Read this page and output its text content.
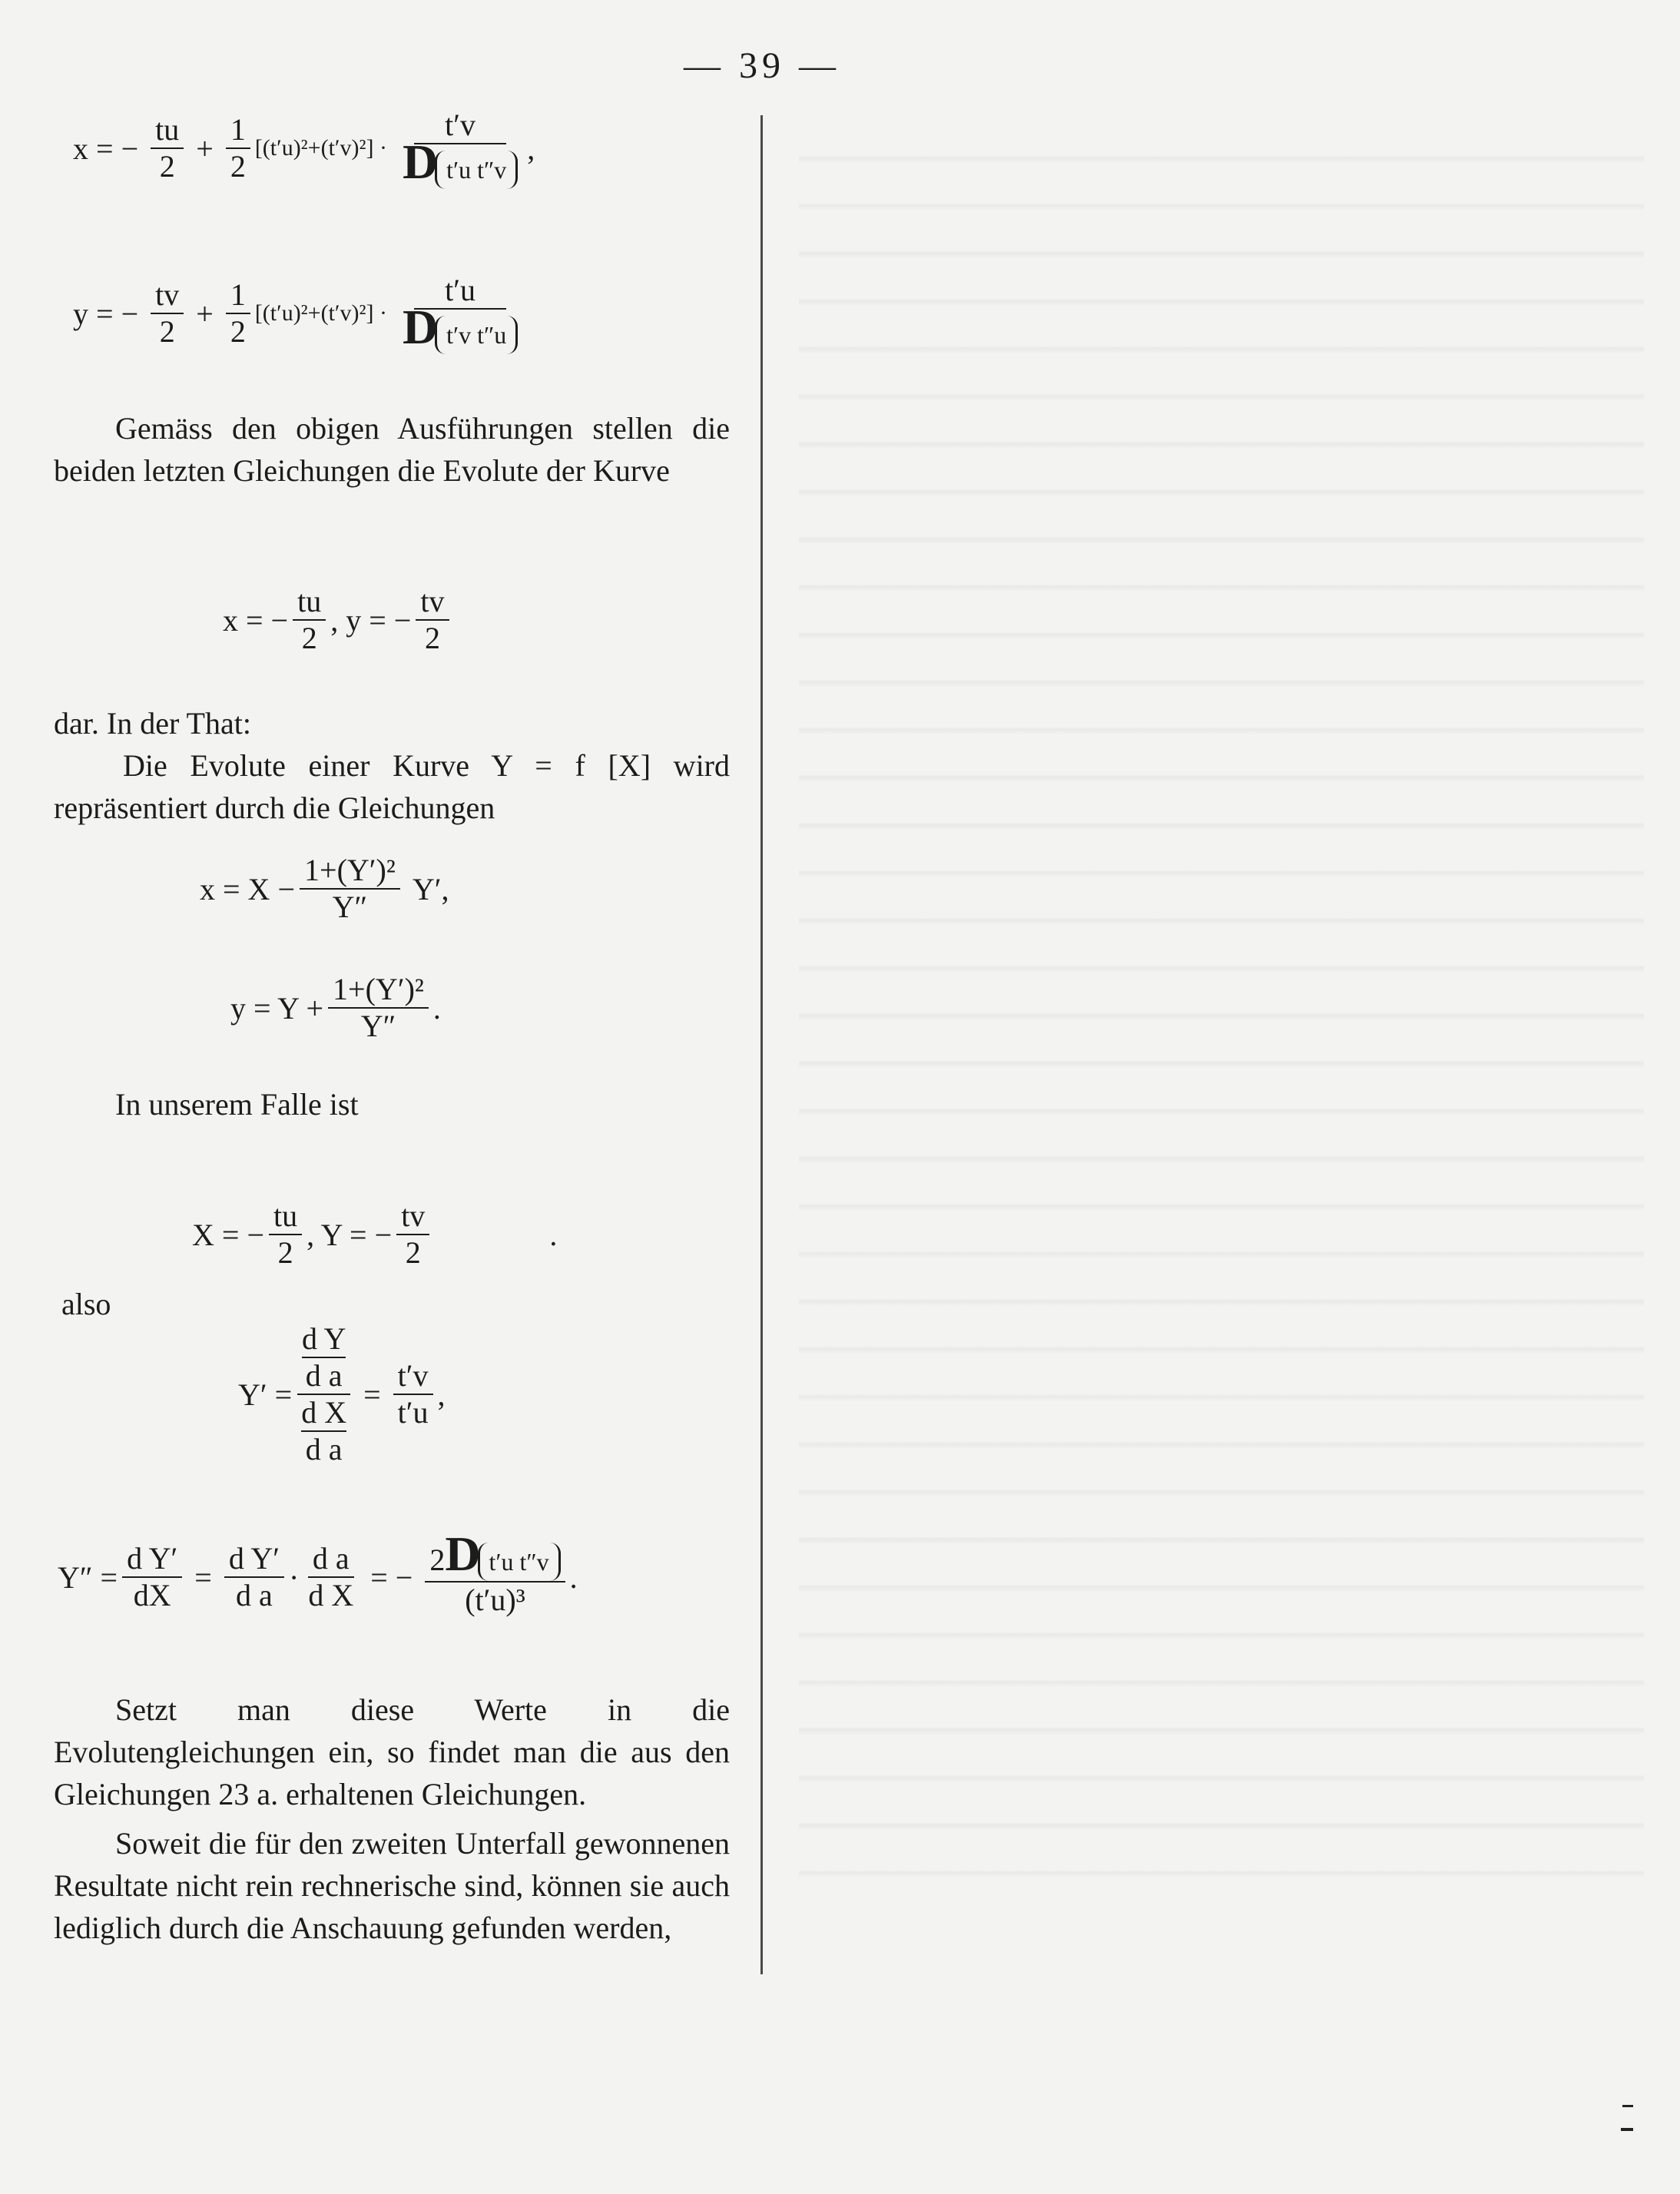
— 39 —
x = − $\frac{tu}{2} + \frac{1}{2} [(t'u)^2+(t'v)^2] \cdot \frac{t'v}{\text{D t′u t″v}}$ ,
y = − $\frac{tv}{2} + \frac{1}{2} [(t'u)^2+(t'v)^2] \cdot \frac{t'u}{\text{D t′v t″u}}$

Gemäss den obigen Ausführungen stellen die beiden letzten Gleichungen die Evolute der Kurve

x = − $\frac{tu}{2}$ , y = − $\frac{tv}{2}$

dar. In der That:

Die Evolute einer Kurve Y = f [X] wird repräsentiert durch die Gleichungen

$x = X - \frac{\text{1+(Y′)²}}{Y''} Y'$,
$y = Y + \frac{\text{1+(Y′)²}}{Y''}$ .

In unserem Falle ist

X = − $\frac{tu}{2}$ , Y = − $\frac{tv}{2}$	.

also

Y′ = d Y
d a
d X
d $a = \frac{t'v}{t'u}$ ,
$Y'' = \frac{\text{d Y′}}{dX} = \frac{\text{d Y′}}{\text{d a}} \cdot \frac{\text{d a}}{\text{d X}}$ = − $\frac{\text{2D t′u t″v}}{\text{(t′u)³}}$ .

Setzt man diese Werte in die Evolutengleichungen ein, so findet man die aus den Gleichungen 23 a. erhaltenen Gleichungen.

Soweit die für den zweiten Unterfall gewonnenen Resultate nicht rein rechnerische sind, können sie auch lediglich durch die Anschauung gefunden werden,
